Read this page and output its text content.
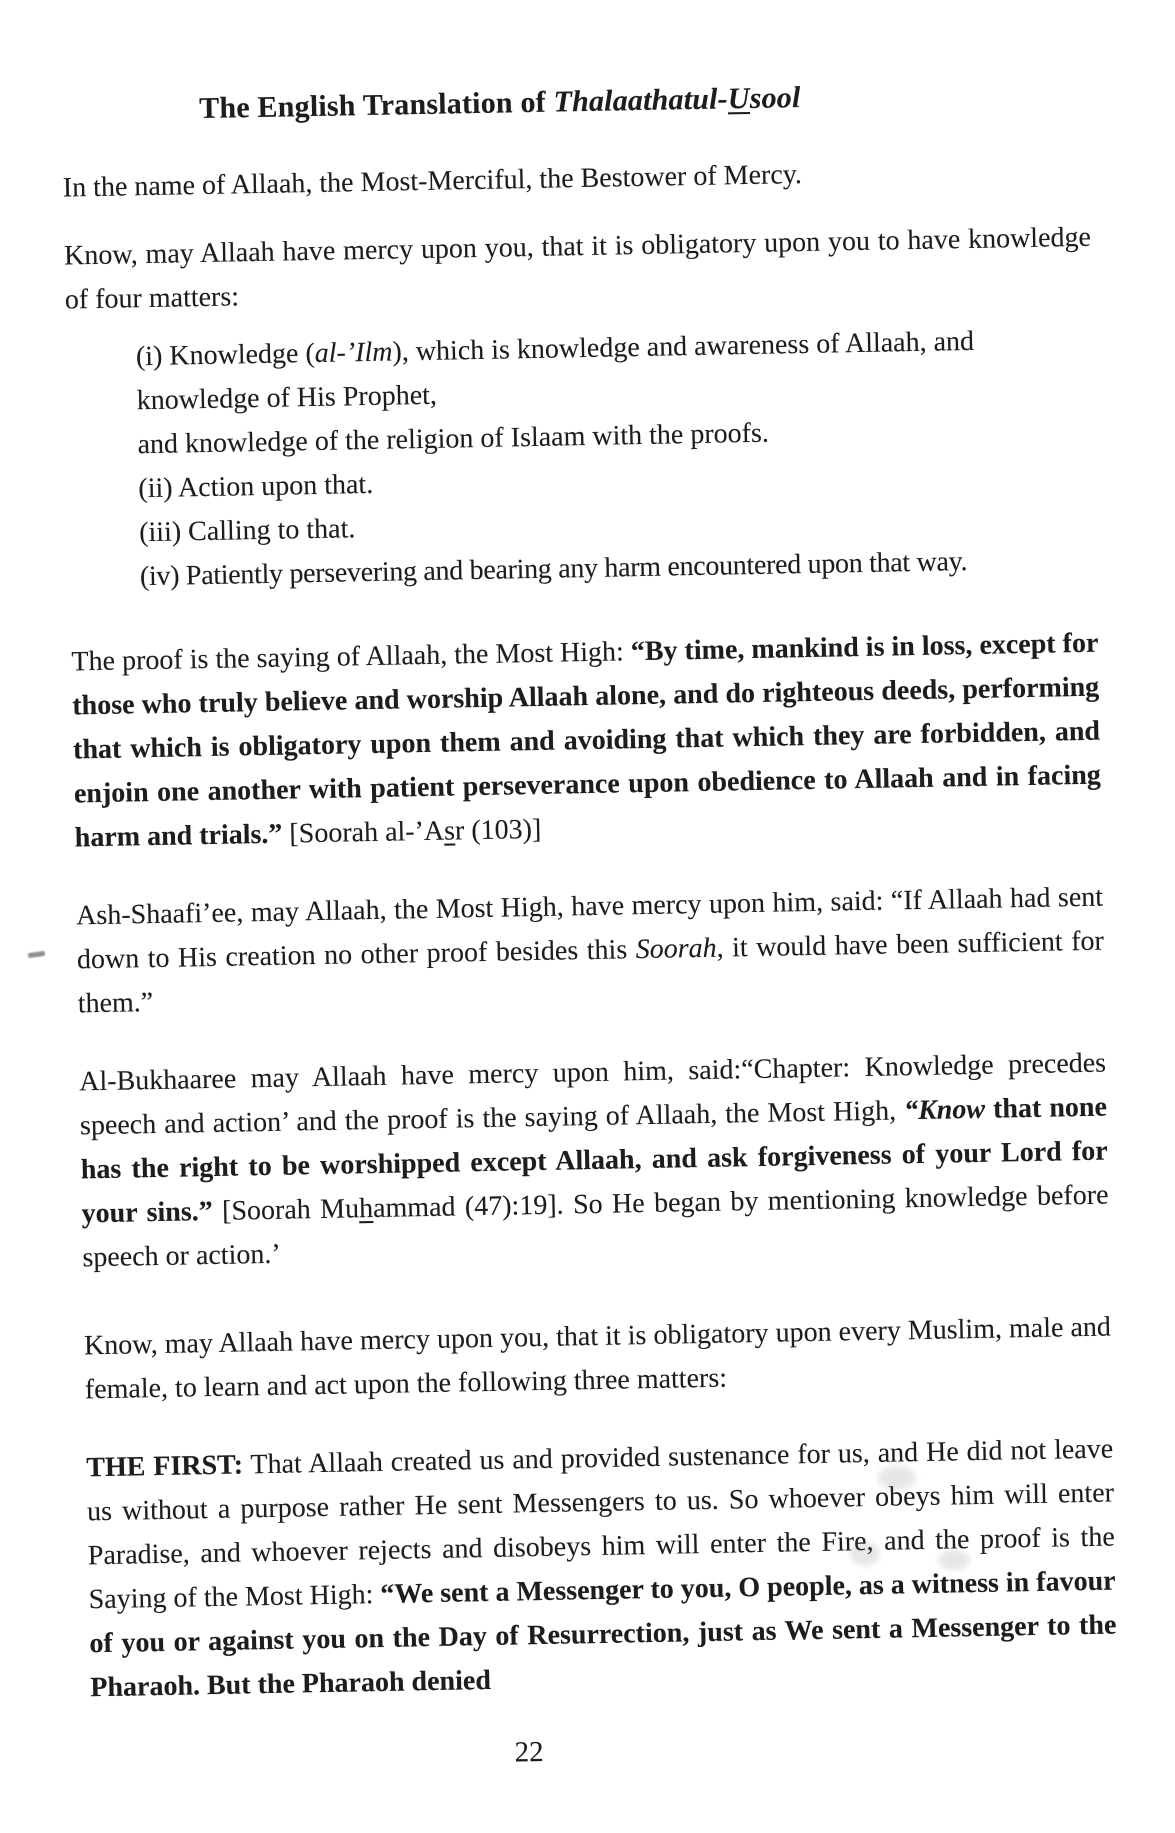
The English Translation of Thalaathatul-Usool

In the name of Allaah, the Most-Merciful, the Bestower of Mercy.

Know, may Allaah have mercy upon you, that it is obligatory upon you to have knowledge of four matters:

(i) Knowledge (al-’Ilm), which is knowledge and awareness of Allaah, and
knowledge of His Prophet,
and knowledge of the religion of Islaam with the proofs.
(ii) Action upon that.
(iii) Calling to that.
(iv) Patiently persevering and bearing any harm encountered upon that way.

The proof is the saying of Allaah, the Most High: “By time, mankind is in loss, except for those who truly believe and worship Allaah alone, and do righteous deeds, performing that which is obligatory upon them and avoiding that which they are forbidden, and enjoin one another with patient perseverance upon obedience to Allaah and in facing harm and trials.” [Soorah al-’Asr (103)]

Ash-Shaafi’ee, may Allaah, the Most High, have mercy upon him, said: “If Allaah had sent down to His creation no other proof besides this Soorah, it would have been sufficient for them.”

Al-Bukhaaree may Allaah have mercy upon him, said:“Chapter: Knowledge precedes speech and action’ and the proof is the saying of Allaah, the Most High, “Know that none has the right to be worshipped except Allaah, and ask forgiveness of your Lord for your sins.” [Soorah Muhammad (47):19]. So He began by mentioning knowledge before speech or action.’

Know, may Allaah have mercy upon you, that it is obligatory upon every Muslim, male and female, to learn and act upon the following three matters:

THE FIRST: That Allaah created us and provided sustenance for us, and He did not leave us without a purpose rather He sent Messengers to us. So whoever obeys him will enter Paradise, and whoever rejects and disobeys him will enter the Fire, and the proof is the Saying of the Most High: “We sent a Messenger to you, O people, as a witness in favour of you or against you on the Day of Resurrection, just as We sent a Messenger to the Pharaoh. But the Pharaoh denied

22
